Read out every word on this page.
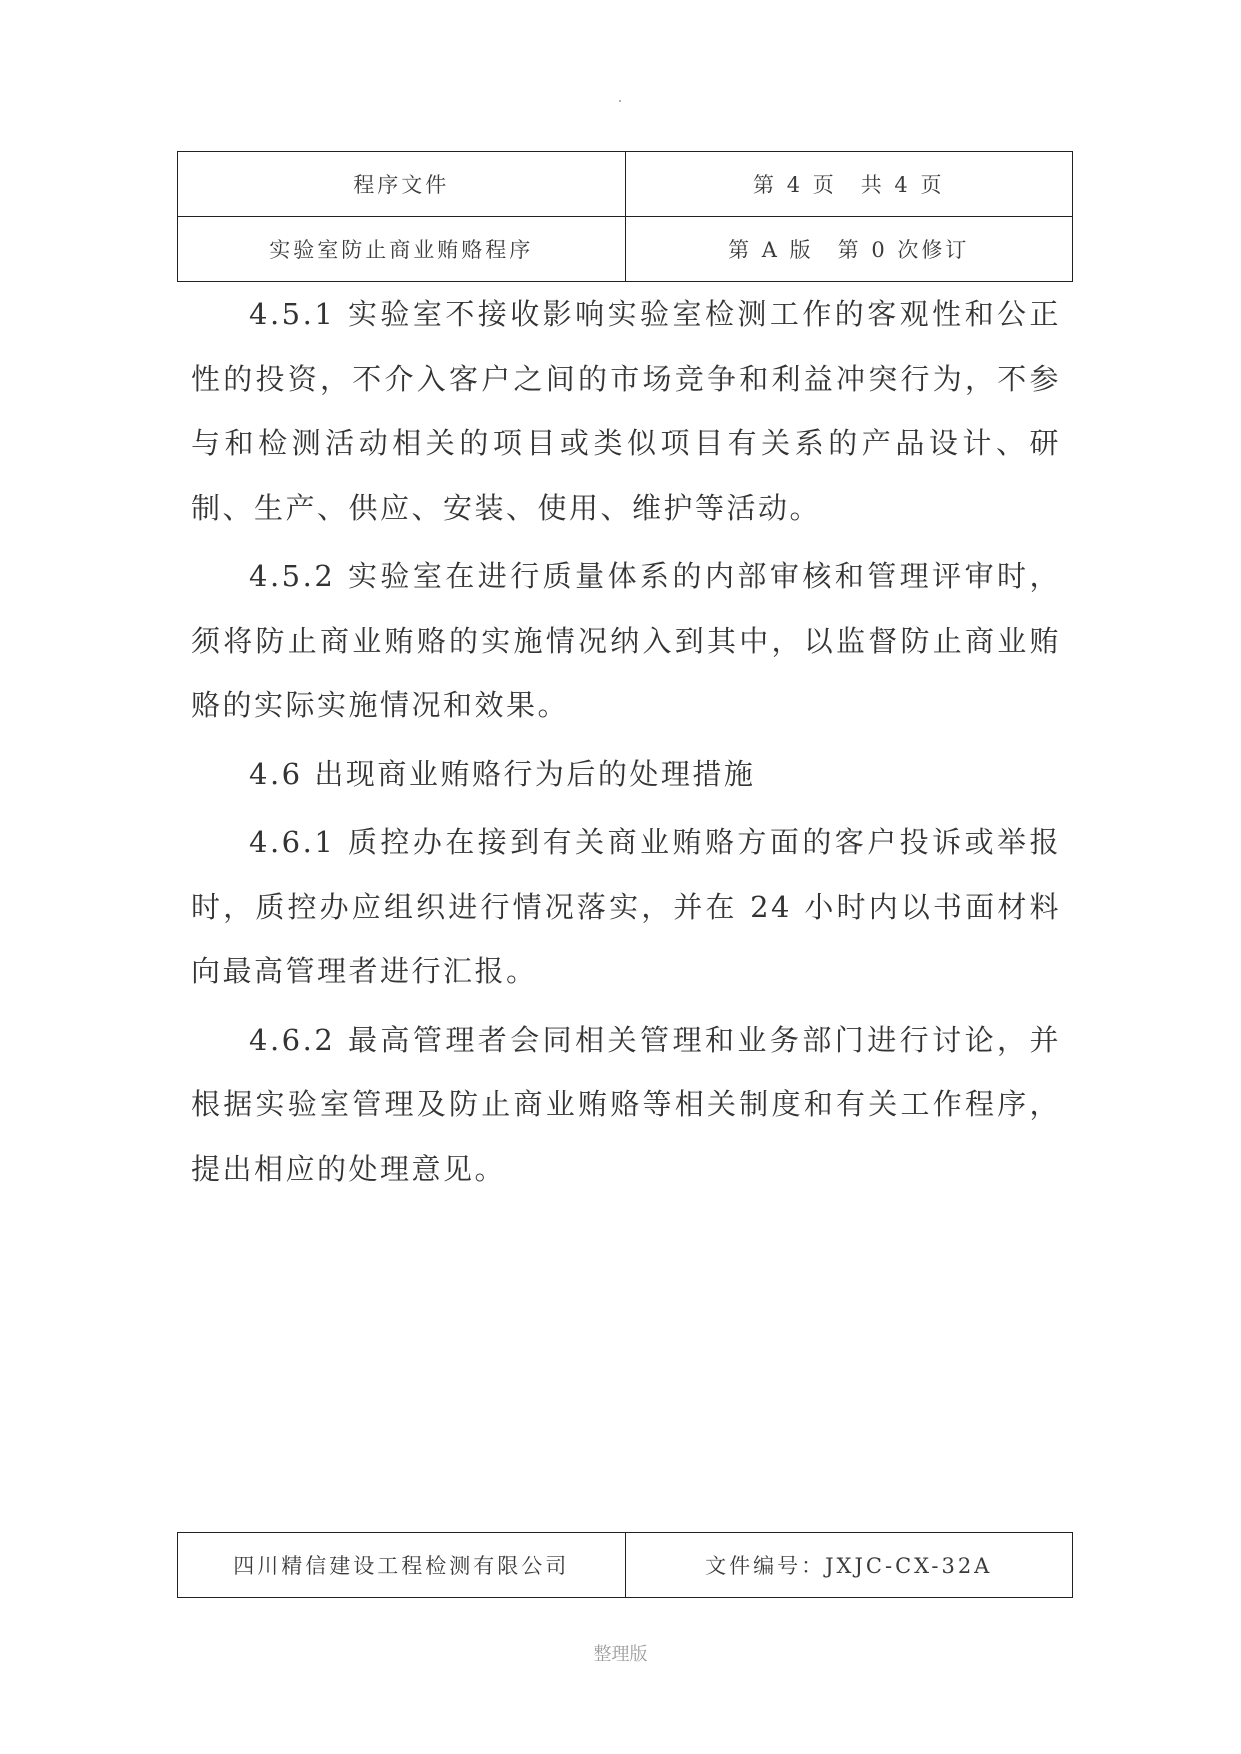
程序文件	第 4 页　共 4 页
实验室防止商业贿赂程序	第 A 版　第 0 次修订

4.5.1 实验室不接收影响实验室检测工作的客观性和公正性的投资，不介入客户之间的市场竞争和利益冲突行为，不参与和检测活动相关的项目或类似项目有关系的产品设计、研制、生产、供应、安装、使用、维护等活动。

4.5.2 实验室在进行质量体系的内部审核和管理评审时，须将防止商业贿赂的实施情况纳入到其中，以监督防止商业贿赂的实际实施情况和效果。

4.6 出现商业贿赂行为后的处理措施

4.6.1 质控办在接到有关商业贿赂方面的客户投诉或举报时，质控办应组织进行情况落实，并在 24 小时内以书面材料向最高管理者进行汇报。

4.6.2 最高管理者会同相关管理和业务部门进行讨论，并根据实验室管理及防止商业贿赂等相关制度和有关工作程序，提出相应的处理意见。

四川精信建设工程检测有限公司	文件编号：JXJC-CX-32A
整理版
